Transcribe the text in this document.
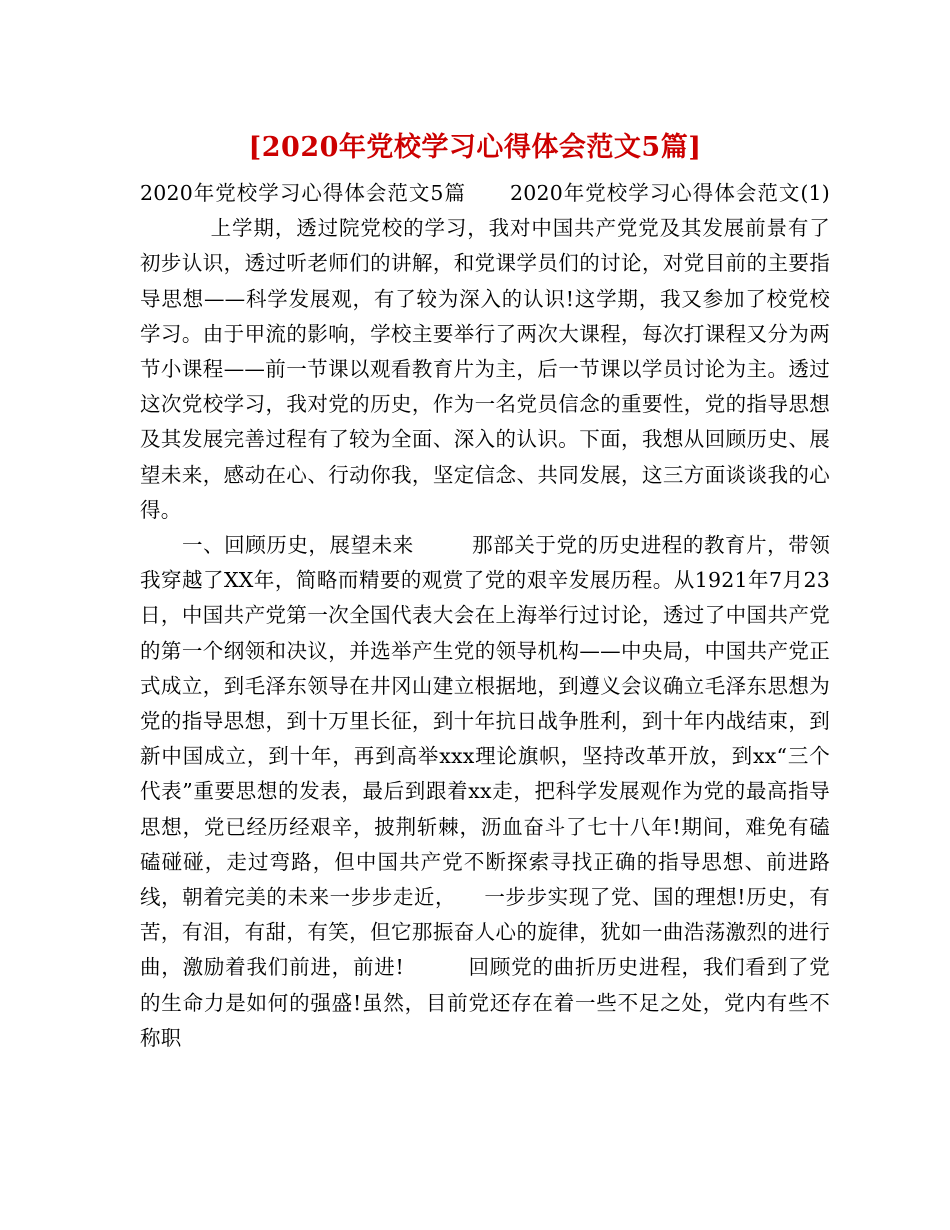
[2020年党校学习心得体会范文5篇]

2020年党校学习心得体会范文5篇 2020年党校学习心得体会范文(1)上学期，透过院党校的学习，我对中国共产党党及其发展前景有了初步认识，透过听老师们的讲解，和党课学员们的讨论，对党目前的主要指导思想——科学发展观，有了较为深入的认识!这学期，我又参加了校党校学习。由于甲流的影响，学校主要举行了两次大课程，每次打课程又分为两节小课程——前一节课以观看教育片为主，后一节课以学员讨论为主。透过这次党校学习，我对党的历史，作为一名党员信念的重要性，党的指导思想及其发展完善过程有了较为全面、深入的认识。下面，我想从回顾历史、展望未来，感动在心、行动你我，坚定信念、共同发展，这三方面谈谈我的心得。

一、回顾历史，展望未来	那部关于党的历史进程的教育片，带领我穿越了XX年，简略而精要的观赏了党的艰辛发展历程。从1921年7月23日，中国共产党第一次全国代表大会在上海举行过讨论，透过了中国共产党的第一个纲领和决议，并选举产生党的领导机构——中央局，中国共产党正式成立，到毛泽东领导在井冈山建立根据地，到遵义会议确立毛泽东思想为党的指导思想，到十万里长征，到十年抗日战争胜利，到十年内战结束，到新中国成立，到十年，再到高举xxx理论旗帜，坚持改革开放，到xx“三个代表”重要思想的发表，最后到跟着xx走，把科学发展观作为党的最高指导思想，党已经历经艰辛，披荆斩棘，沥血奋斗了七十八年!期间，难免有磕磕碰碰，走过弯路，但中国共产党不断探索寻找正确的指导思想、前进路线，朝着完美的未来一步步走近， 一步步实现了党、国的理想!历史，有苦，有泪，有甜，有笑，但它那振奋人心的旋律，犹如一曲浩荡激烈的进行曲，激励着我们前进，前进!	回顾党的曲折历史进程，我们看到了党的生命力是如何的强盛!虽然，目前党还存在着一些不足之处，党内有些不称职
